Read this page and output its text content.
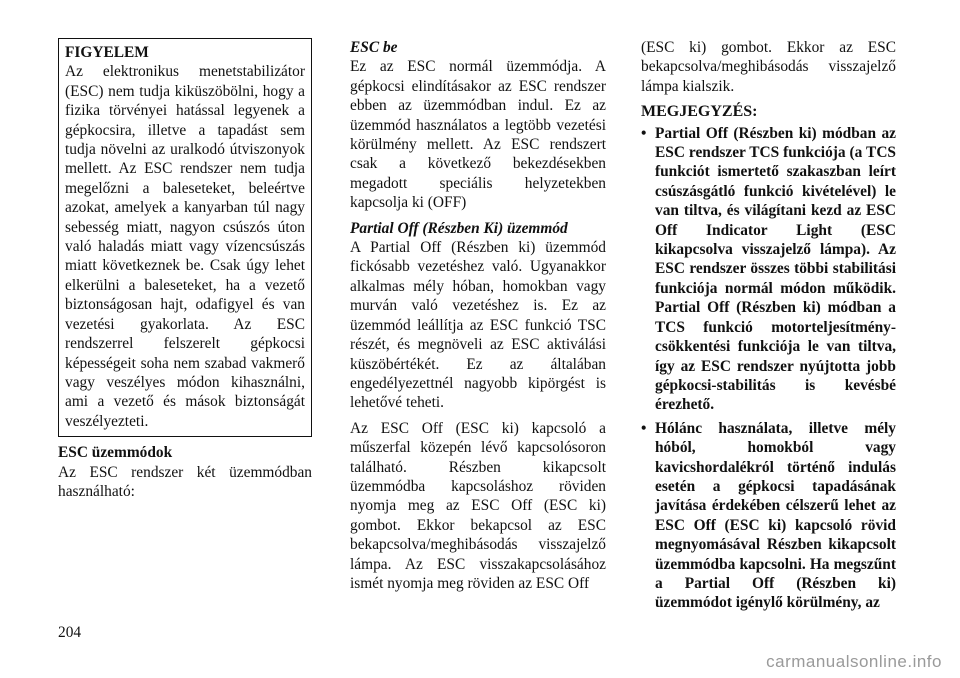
FIGYELEM

Az elektronikus menetstabilizátor (ESC) nem tudja kiküszöbölni, hogy a fizika törvényei hatással legyenek a gépkocsira, illetve a tapadást sem tudja növelni az uralkodó útviszonyok mellett. Az ESC rendszer nem tudja megelőzni a baleseteket, beleértve azokat, amelyek a kanyarban túl nagy sebesség miatt, nagyon csúszós úton való haladás miatt vagy vízencsúszás miatt következnek be. Csak úgy lehet elkerülni a baleseteket, ha a vezető biztonságosan hajt, odafigyel és van vezetési gyakorlata. Az ESC rendszerrel felszerelt gépkocsi képességeit soha nem szabad vakmerő vagy veszélyes módon kihasználni, ami a vezető és mások biztonságát veszélyezteti.

ESC üzemmódok

Az ESC rendszer két üzemmódban használható:

ESC be

Ez az ESC normál üzemmódja. A gépkocsi elindításakor az ESC rendszer ebben az üzemmódban indul. Ez az üzemmód használatos a legtöbb vezetési körülmény mellett. Az ESC rendszert csak a következő bekezdésekben megadott speciális helyzetekben kapcsolja ki (OFF)

Partial Off (Részben Ki) üzemmód

A Partial Off (Részben ki) üzemmód fickósabb vezetéshez való. Ugyanakkor alkalmas mély hóban, homokban vagy murván való vezetéshez is. Ez az üzemmód leállítja az ESC funkció TSC részét, és megnöveli az ESC aktiválási küszöbértékét. Ez az általában engedélyezettnél nagyobb kipörgést is lehetővé teheti.

Az ESC Off (ESC ki) kapcsoló a műszerfal közepén lévő kapcsolósoron található. Részben kikapcsolt üzemmódba kapcsoláshoz röviden nyomja meg az ESC Off (ESC ki) gombot. Ekkor bekapcsol az ESC bekapcsolva/meghibásodás visszajelző lámpa. Az ESC visszakapcsolásához ismét nyomja meg röviden az ESC Off

(ESC ki) gombot. Ekkor az ESC bekapcsolva/meghibásodás visszajelző lámpa kialszik.

MEGJEGYZÉS:

• Partial Off (Részben ki) módban az ESC rendszer TCS funkciója (a TCS funkciót ismertető szakaszban leírt csúszásgátló funkció kivételével) le van tiltva, és világítani kezd az ESC Off Indicator Light (ESC kikapcsolva visszajelző lámpa). Az ESC rendszer összes többi stabilitási funkciója normál módon működik. Partial Off (Részben ki) módban a TCS funkció motorteljesítmény-csökkentési funkciója le van tiltva, így az ESC rendszer nyújtotta jobb gépkocsi-stabilitás is kevésbé érezhető.
• Hólánc használata, illetve mély hóból, homokból vagy kavicshordalékról történő indulás esetén a gépkocsi tapadásának javítása érdekében célszerű lehet az ESC Off (ESC ki) kapcsoló rövid megnyomásával Részben kikapcsolt üzemmódba kapcsolni. Ha megszűnt a Partial Off (Részben ki) üzemmódot igénylő körülmény, az
204
carmanualsonline.info
